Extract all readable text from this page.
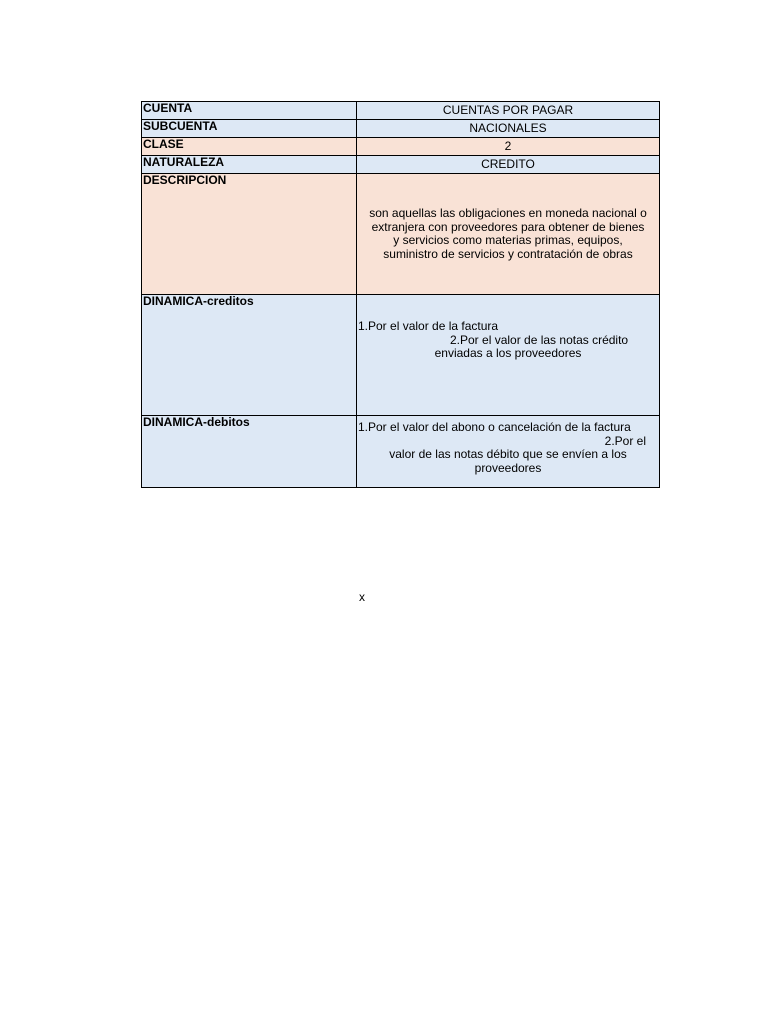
CUENTA	CUENTAS POR PAGAR
SUBCUENTA	NACIONALES
CLASE	2
NATURALEZA	CREDITO
DESCRIPCION	son aquellas las obligaciones en moneda nacional o
extranjera con proveedores para obtener de bienes
y servicios como materias primas, equipos,
suministro de servicios y contratación de obras

DINAMICA-creditos	1.Por el valor de la factura
2.Por el valor de las notas crédito
enviadas a los proveedores

DINAMICA-debitos	1.Por el valor del abono o cancelación de la factura
2.Por el
valor de las notas débito que se envíen a los
proveedores
x
